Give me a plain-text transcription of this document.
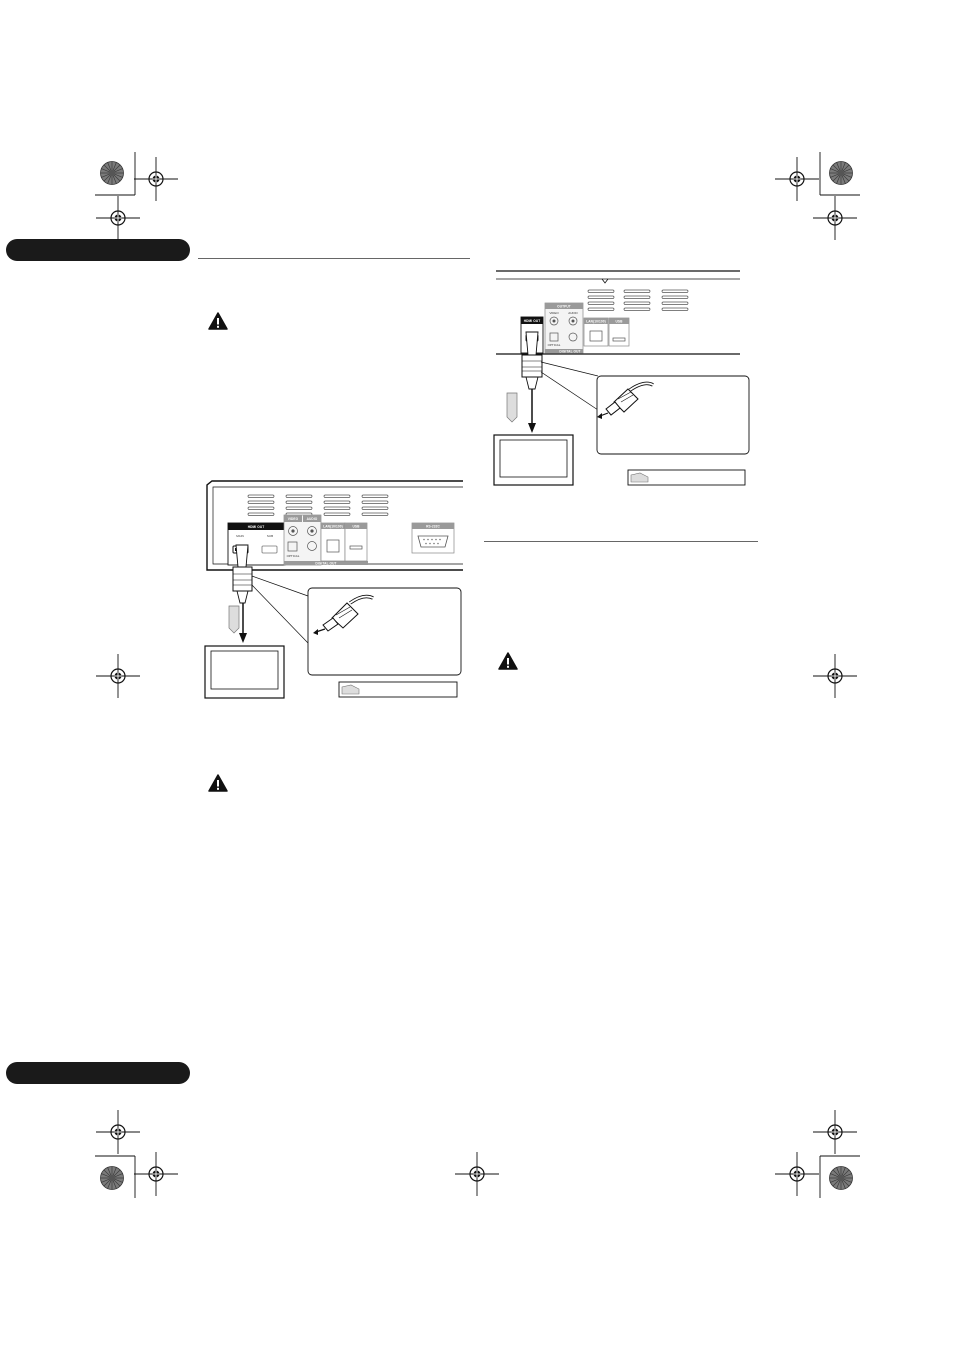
HDMI OUT
OUTPUT
VIDEO	AUDIO
OPTICAL
DIGITAL OUT
LAN(10/100)	USB
HDMI OUT
MAIN	SUB
VIDEO	AUDIO
OPTICAL
DIGITAL OUT
LAN(10/100)	USB	RS-232C
